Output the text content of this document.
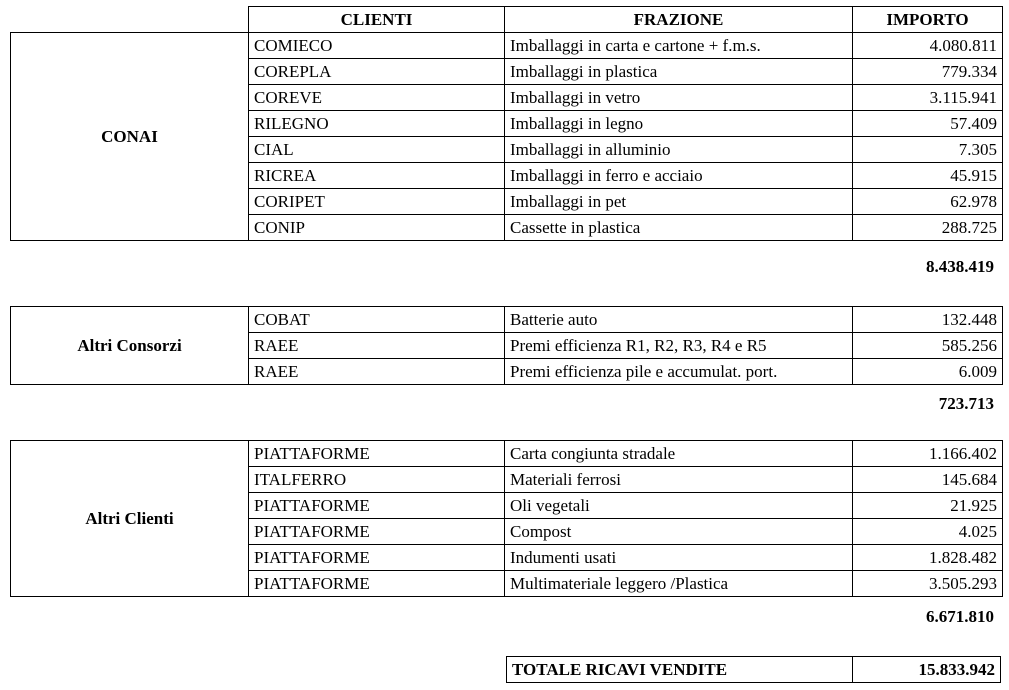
	CLIENTI	FRAZIONE	IMPORTO
CONAI	COMIECO	Imballaggi in carta e cartone + f.m.s.	4.080.811
	COREPLA	Imballaggi in plastica	779.334
	COREVE	Imballaggi in vetro	3.115.941
	RILEGNO	Imballaggi in legno	57.409
	CIAL	Imballaggi in alluminio	7.305
	RICREA	Imballaggi in ferro e acciaio	45.915
	CORIPET	Imballaggi in pet	62.978
	CONIP	Cassette in plastica	288.725
8.438.419
Altri Consorzi	COBAT	Batterie auto	132.448
	RAEE	Premi efficienza R1, R2, R3, R4 e R5	585.256
	RAEE	Premi efficienza pile e accumulat. port.	6.009
723.713
Altri Clienti	PIATTAFORME	Carta congiunta stradale	1.166.402
	ITALFERRO	Materiali ferrosi	145.684
	PIATTAFORME	Oli vegetali	21.925
	PIATTAFORME	Compost	4.025
	PIATTAFORME	Indumenti usati	1.828.482
	PIATTAFORME	Multimateriale leggero /Plastica	3.505.293
6.671.810
TOTALE RICAVI VENDITE	15.833.942
